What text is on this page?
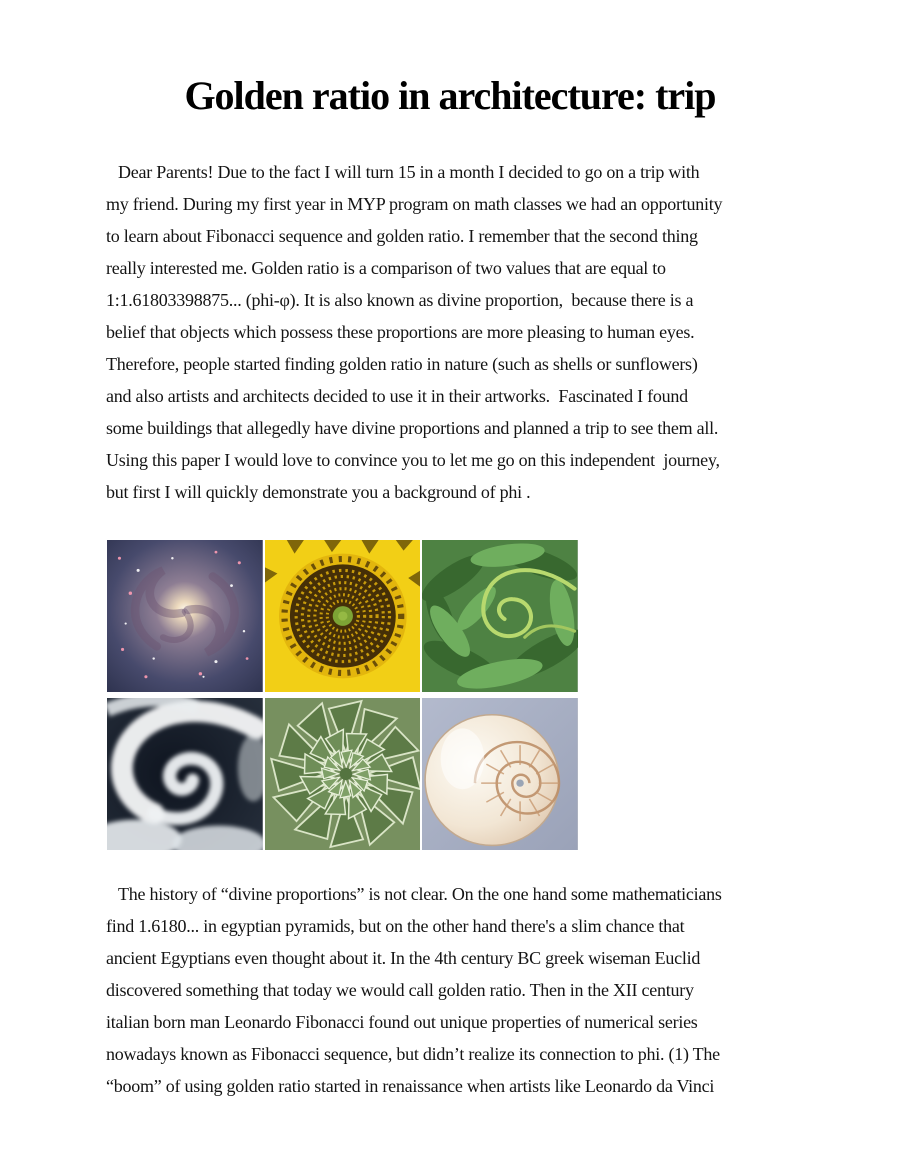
Golden ratio in architecture: trip
Dear Parents! Due to the fact I will turn 15 in a month I decided to go on a trip with
my friend. During my first year in MYP program on math classes we had an opportunity
to learn about Fibonacci sequence and golden ratio. I remember that the second thing
really interested me. Golden ratio is a comparison of two values that are equal to
1:1.61803398875... (phi-φ). It is also known as divine proportion,  because there is a
belief that objects which possess these proportions are more pleasing to human eyes.
Therefore, people started finding golden ratio in nature (such as shells or sunflowers)
and also artists and architects decided to use it in their artworks.  Fascinated I found
some buildings that allegedly have divine proportions and planned a trip to see them all.
Using this paper I would love to convince you to let me go on this independent  journey,
but first I will quickly demonstrate you a background of phi .
The history of “divine proportions” is not clear. On the one hand some mathematicians
find 1.6180... in egyptian pyramids, but on the other hand there's a slim chance that
ancient Egyptians even thought about it. In the 4th century BC greek wiseman Euclid
discovered something that today we would call golden ratio. Then in the XII century
italian born man Leonardo Fibonacci found out unique properties of numerical series
nowadays known as Fibonacci sequence, but didn’t realize its connection to phi. (1) The
“boom” of using golden ratio started in renaissance when artists like Leonardo da Vinci
